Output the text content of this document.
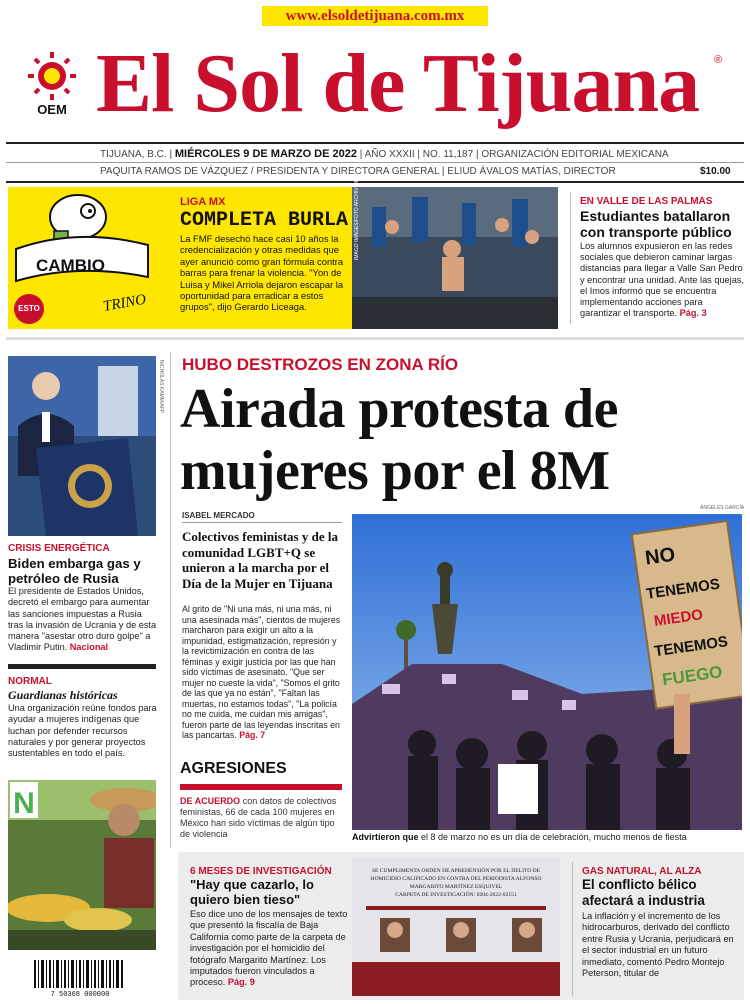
www.elsoldetijuana.com.mx
OEM El Sol de Tijuana	®
TIJUANA, B.C. | MIÉRCOLES 9 DE MARZO DE 2022 | AÑO XXXII | NO. 11,187 | ORGANIZACIÓN EDITORIAL MEXICANA
PAQUITA RAMOS DE VÁZQUEZ / PRESIDENTA Y DIRECTORA GENERAL | ELIUD ÁVALOS MATÍAS, DIRECTOR	$10.00
CAMBIO
TRINO
ESTO
LIGA MX
COMPLETA BURLA
La FMF desechó hace casi 10 años la credencialización y otras medidas que ayer anunció como gran fórmula contra barras para frenar la violencia. "Yon de Luisa y Mikel Arriola dejaron escapar la oportunidad para erradicar a estos grupos", dijo Gerardo Liceaga.
IMAGO IMAGES/FOTO ARCHIVO/EFE	EN VALLE DE LAS PALMAS
Estudiantes batallaron con transporte público
Los alumnos expusieron en las redes sociales que debieron caminar largas distancias para llegar a Valle San Pedro y encontrar una unidad. Ante las quejas, el Imos informó que se encuentra implementando acciones para garantizar el transporte. Pág. 3
NICHOLAS KAMM/AFP
CRISIS ENERGÉTICA
Biden embarga gas y petróleo de Rusia
El presidente de Estados Unidos, decretó el embargo para aumentar las sanciones impuestas a Rusia tras la invasión de Ucrania y de esta manera "asestar otro duro golpe" a Vladimir Putin. Nacional
NORMAL
Guardianas históricas
Una organización reúne fondos para ayudar a mujeres indígenas que luchan por defender recursos naturales y por generar proyectos sustentables en todo el país.
N
7 50368 000000
HUBO DESTROZOS EN ZONA RÍO
Airada protesta de mujeres por el 8M
ISABEL MERCADO
Colectivos feministas y de la comunidad LGBT+Q se unieron a la marcha por el Día de la Mujer en Tijuana
Al grito de "Ni una más, ni una más, ni una asesinada más", cientos de mujeres marcharon para exigir un alto a la impunidad, estigmatización, represión y la revictimización en contra de las féminas y exigir justicia por las que han sido víctimas de asesinato. "Que ser mujer no cueste la vida", "Somos el grito de las que ya no están", "Faltan las muertas, no estamos todas", "La policía no me cuida, me cuidan mis amigas", fueron parte de las leyendas inscritas en las pancartas. Pág. 7
AGRESIONES
DE ACUERDO con datos de colectivos feministas, 66 de cada 100 mujeres en México han sido víctimas de algún tipo de violencia
ÁNGELES GARCÍA
NO
TENEMOS
MIEDO
TENEMOS
FUEGO
Advirtieron que el 8 de marzo no es un día de celebración, mucho menos de fiesta
6 MESES DE INVESTIGACIÓN
"Hay que cazarlo, lo quiero bien tieso"
Eso dice uno de los mensajes de texto que presentó la fiscalía de Baja California como parte de la carpeta de investigación por el homicidio del fotógrafo Margarito Martínez. Los imputados fueron vinculados a proceso. Pág. 9
SE CUMPLIMENTA ORDEN DE APREHENSIÓN POR EL DELITO DE
HOMICIDIO CALIFICADO EN CONTRA DEL PERIODISTA ALFONSO
MARGARITO MARTÍNEZ ESQUIVEL
CARPETA DE INVESTIGACIÓN: 0204-2022-02151
GAS NATURAL, AL ALZA
El conflicto bélico afectará a industria
La inflación y el incremento de los hidrocarburos, derivado del conflicto entre Rusia y Ucrania, perjudicará en el sector industrial en un futuro inmediato, comentó Pedro Montejo Peterson, titular de
